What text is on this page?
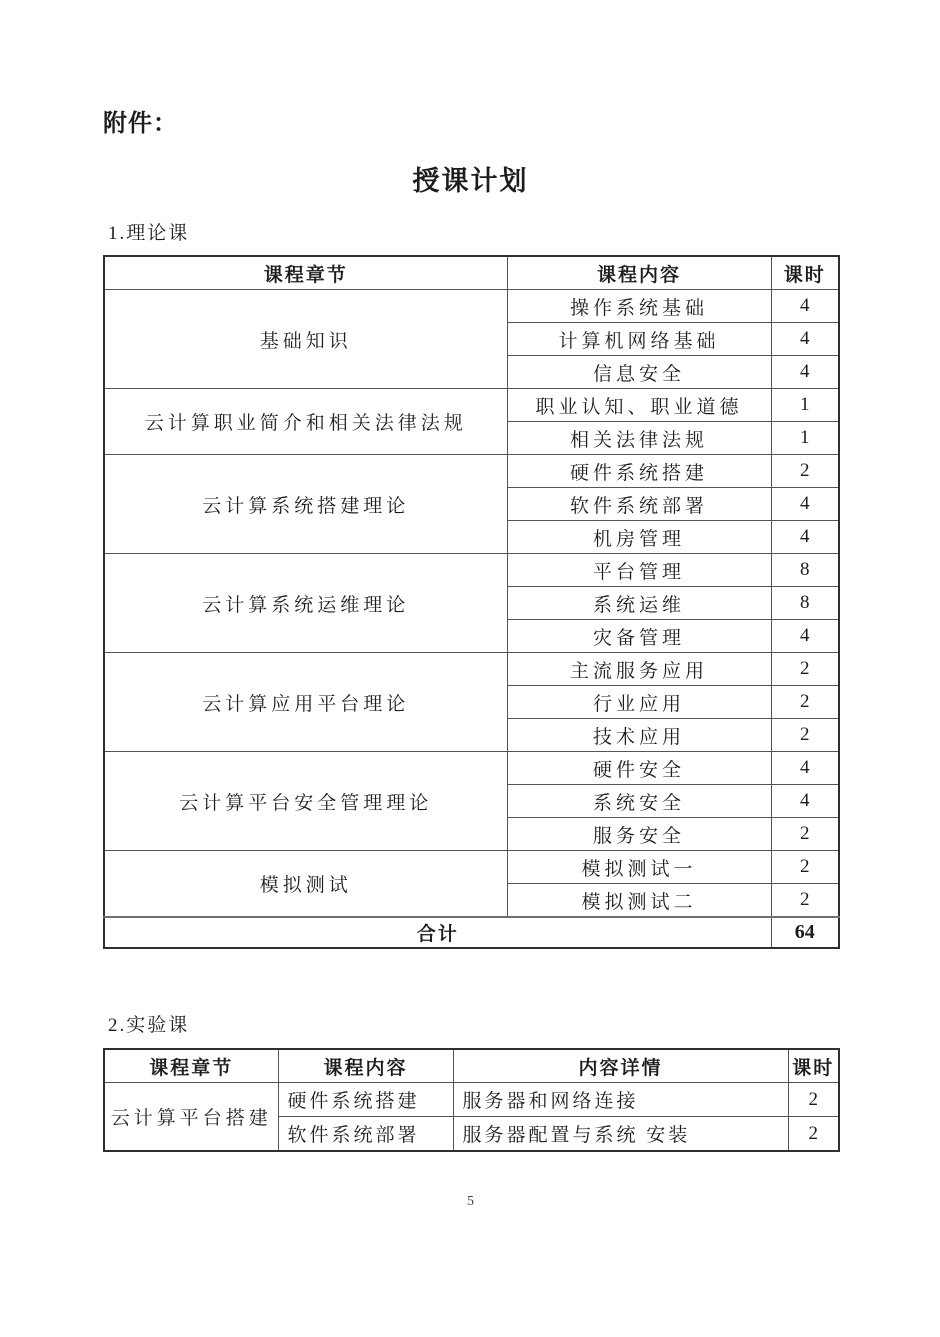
附件：
授课计划
1.理论课
课程章节	课程内容	课时
基础知识	操作系统基础	4
	计算机网络基础	4
	信息安全	4
云计算职业简介和相关法律法规	职业认知、职业道德	1
	相关法律法规	1
云计算系统搭建理论	硬件系统搭建	2
	软件系统部署	4
	机房管理	4
云计算系统运维理论	平台管理	8
	系统运维	8
	灾备管理	4
云计算应用平台理论	主流服务应用	2
	行业应用	2
	技术应用	2
云计算平台安全管理理论	硬件安全	4
	系统安全	4
	服务安全	2
模拟测试	模拟测试一	2
	模拟测试二	2
合计		64
2.实验课
课程章节	课程内容	内容详情	课时
云计算平台搭建	硬件系统搭建	服务器和网络连接	2
	软件系统部署	服务器配置与系统 安装	2
5
